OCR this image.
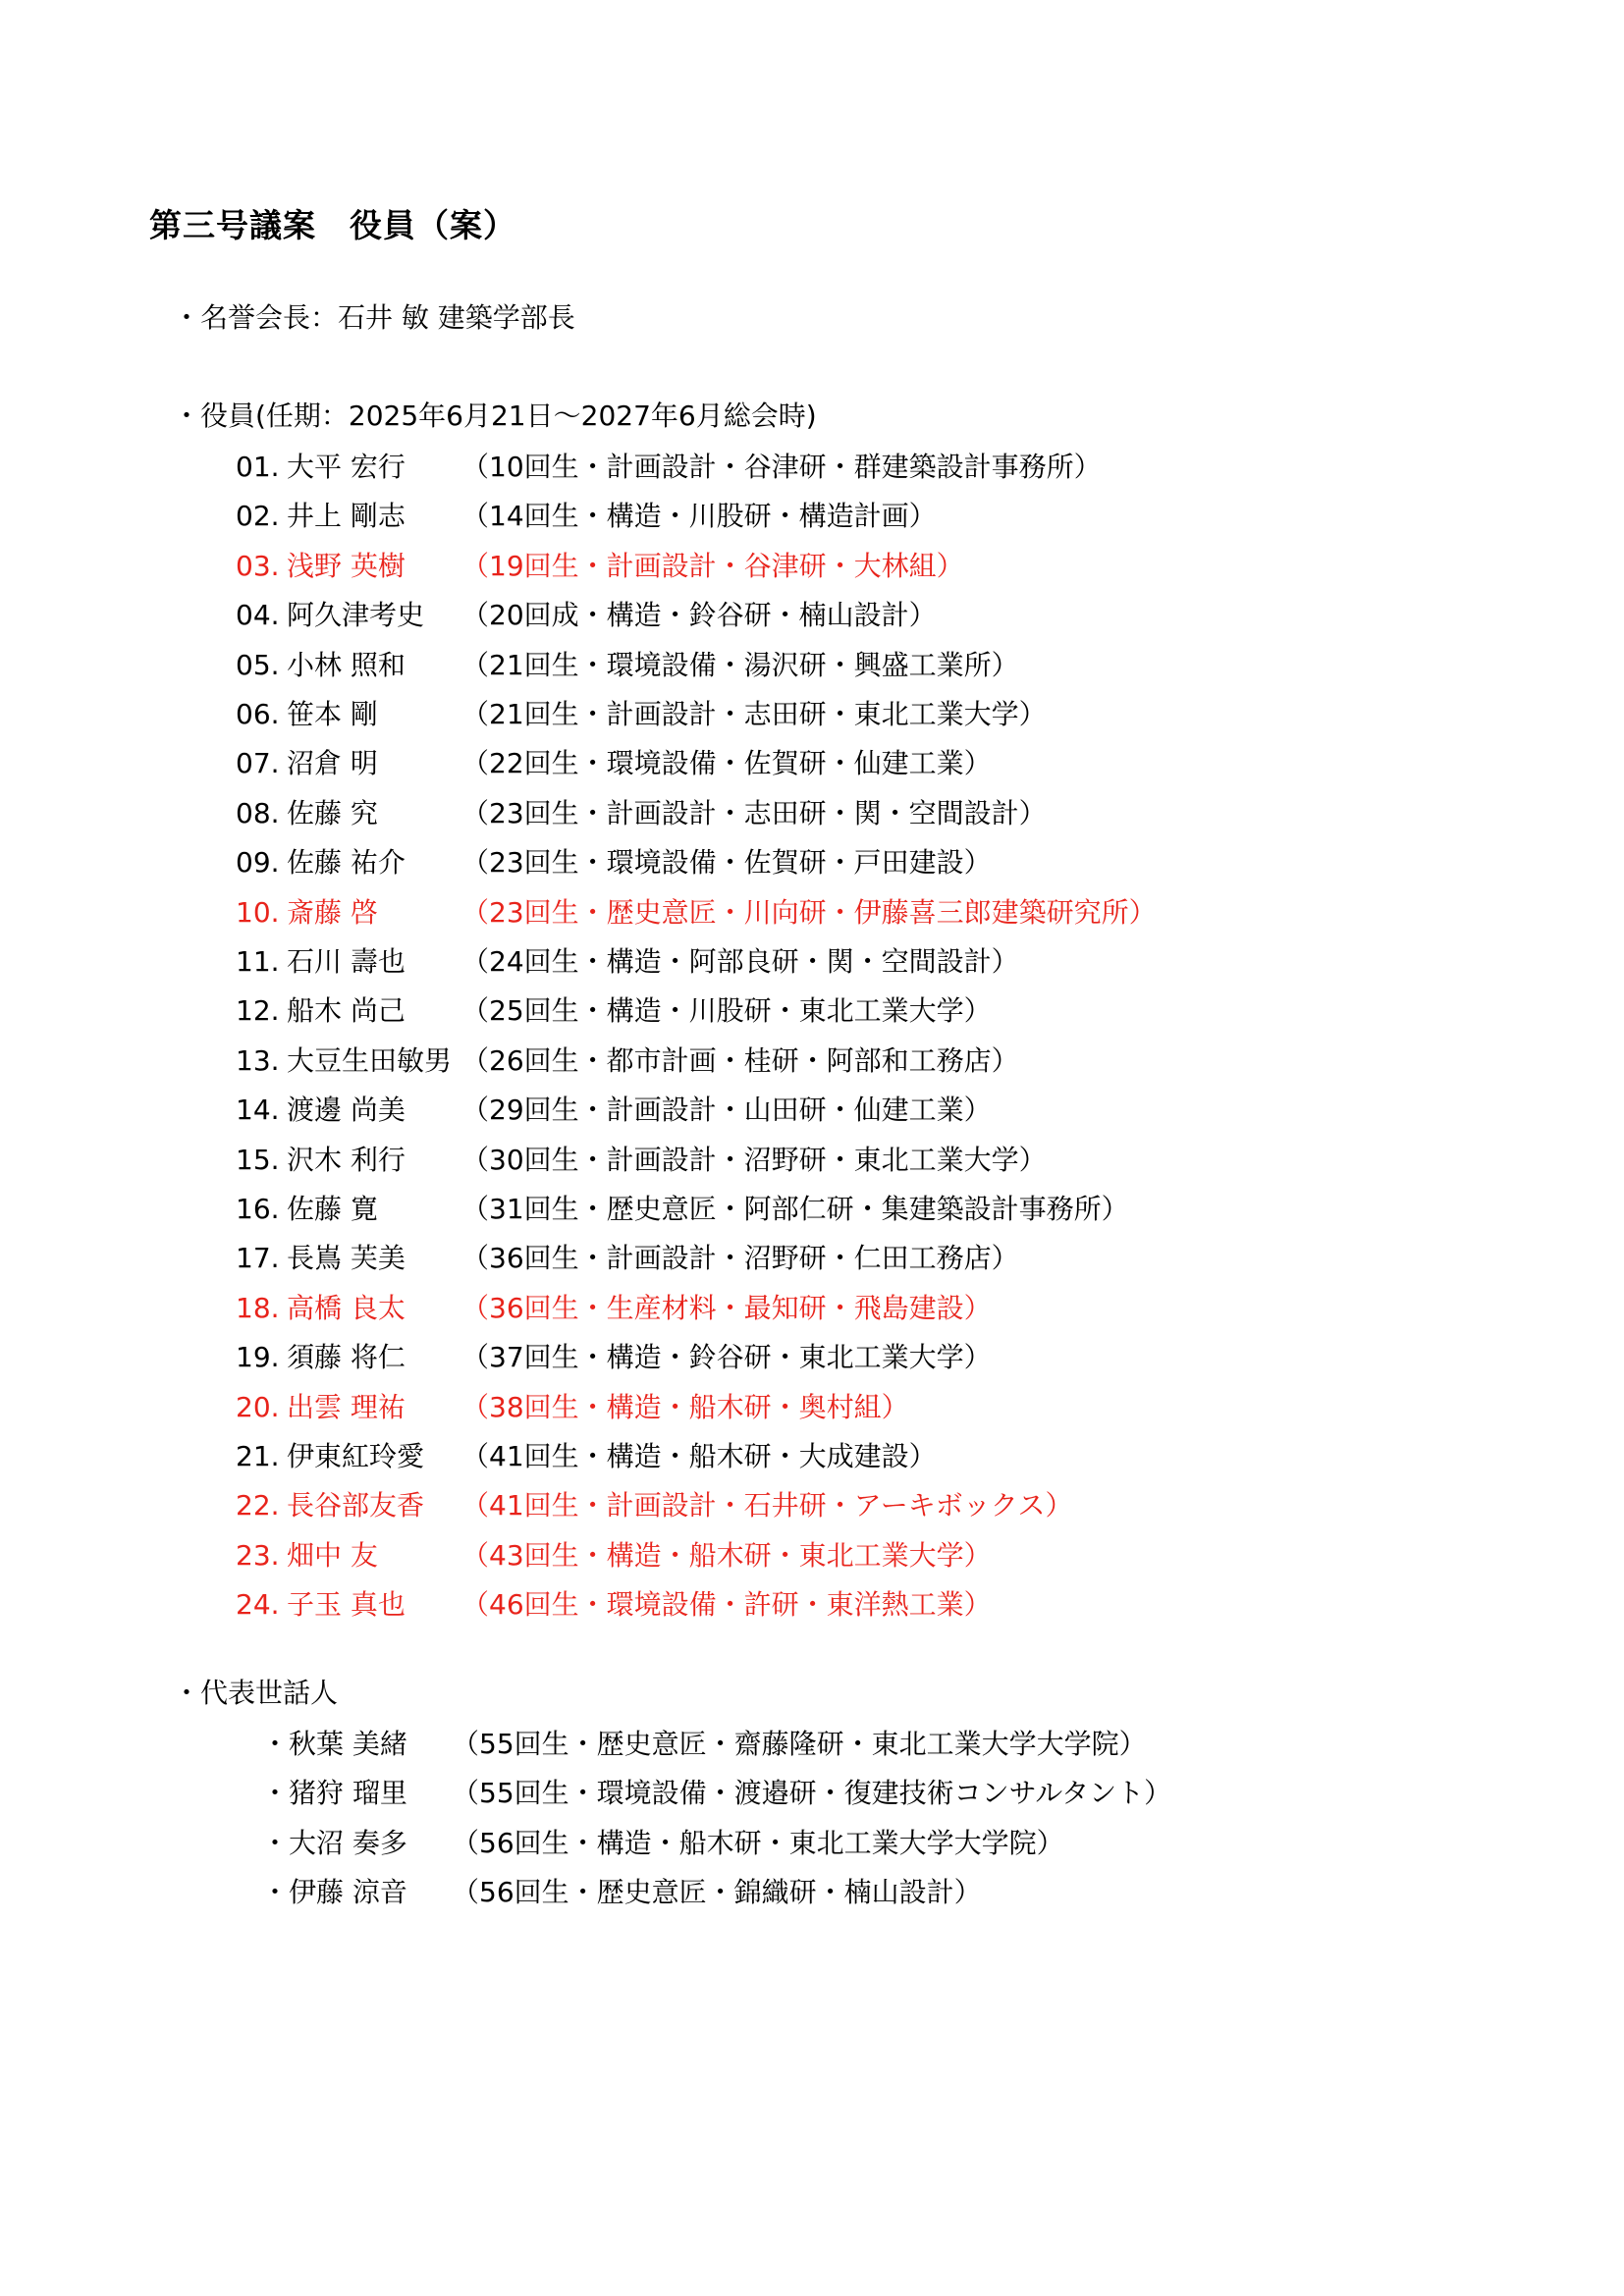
第三号議案　役員（案）
・名誉会長：石井 敏 建築学部長
・役員(任期：2025年6月21日～2027年6月総会時)
01. 大平 宏行 （10回生・計画設計・谷津研・群建築設計事務所）
02. 井上 剛志 （14回生・構造・川股研・構造計画）
03. 浅野 英樹 （19回生・計画設計・谷津研・大林組）
04. 阿久津考史 （20回成・構造・鈴谷研・楠山設計）
05. 小林 照和 （21回生・環境設備・湯沢研・興盛工業所）
06. 笹本 剛	（21回生・計画設計・志田研・東北工業大学）
07. 沼倉 明	（22回生・環境設備・佐賀研・仙建工業）
08. 佐藤 究	（23回生・計画設計・志田研・関・空間設計）
09. 佐藤 祐介 （23回生・環境設備・佐賀研・戸田建設）
10. 斎藤 啓	（23回生・歴史意匠・川向研・伊藤喜三郎建築研究所）
11. 石川 壽也 （24回生・構造・阿部良研・関・空間設計）
12. 船木 尚己 （25回生・構造・川股研・東北工業大学）
13. 大豆生田敏男 （26回生・都市計画・桂研・阿部和工務店）
14. 渡邊 尚美 （29回生・計画設計・山田研・仙建工業）
15. 沢木 利行 （30回生・計画設計・沼野研・東北工業大学）
16. 佐藤 寛	（31回生・歴史意匠・阿部仁研・集建築設計事務所）
17. 長嶌 芙美 （36回生・計画設計・沼野研・仁田工務店）
18. 高橋 良太 （36回生・生産材料・最知研・飛島建設）
19. 須藤 将仁 （37回生・構造・鈴谷研・東北工業大学）
20. 出雲 理祐 （38回生・構造・船木研・奥村組）
21. 伊東紅玲愛 （41回生・構造・船木研・大成建設）
22. 長谷部友香 （41回生・計画設計・石井研・アーキボックス）
23. 畑中 友	（43回生・構造・船木研・東北工業大学）
24. 子玉 真也 （46回生・環境設備・許研・東洋熱工業）
・代表世話人
・秋葉 美緒 （55回生・歴史意匠・齋藤隆研・東北工業大学大学院）
・猪狩 瑠里 （55回生・環境設備・渡邉研・復建技術コンサルタント）
・大沼 奏多 （56回生・構造・船木研・東北工業大学大学院）
・伊藤 涼音 （56回生・歴史意匠・錦織研・楠山設計）
